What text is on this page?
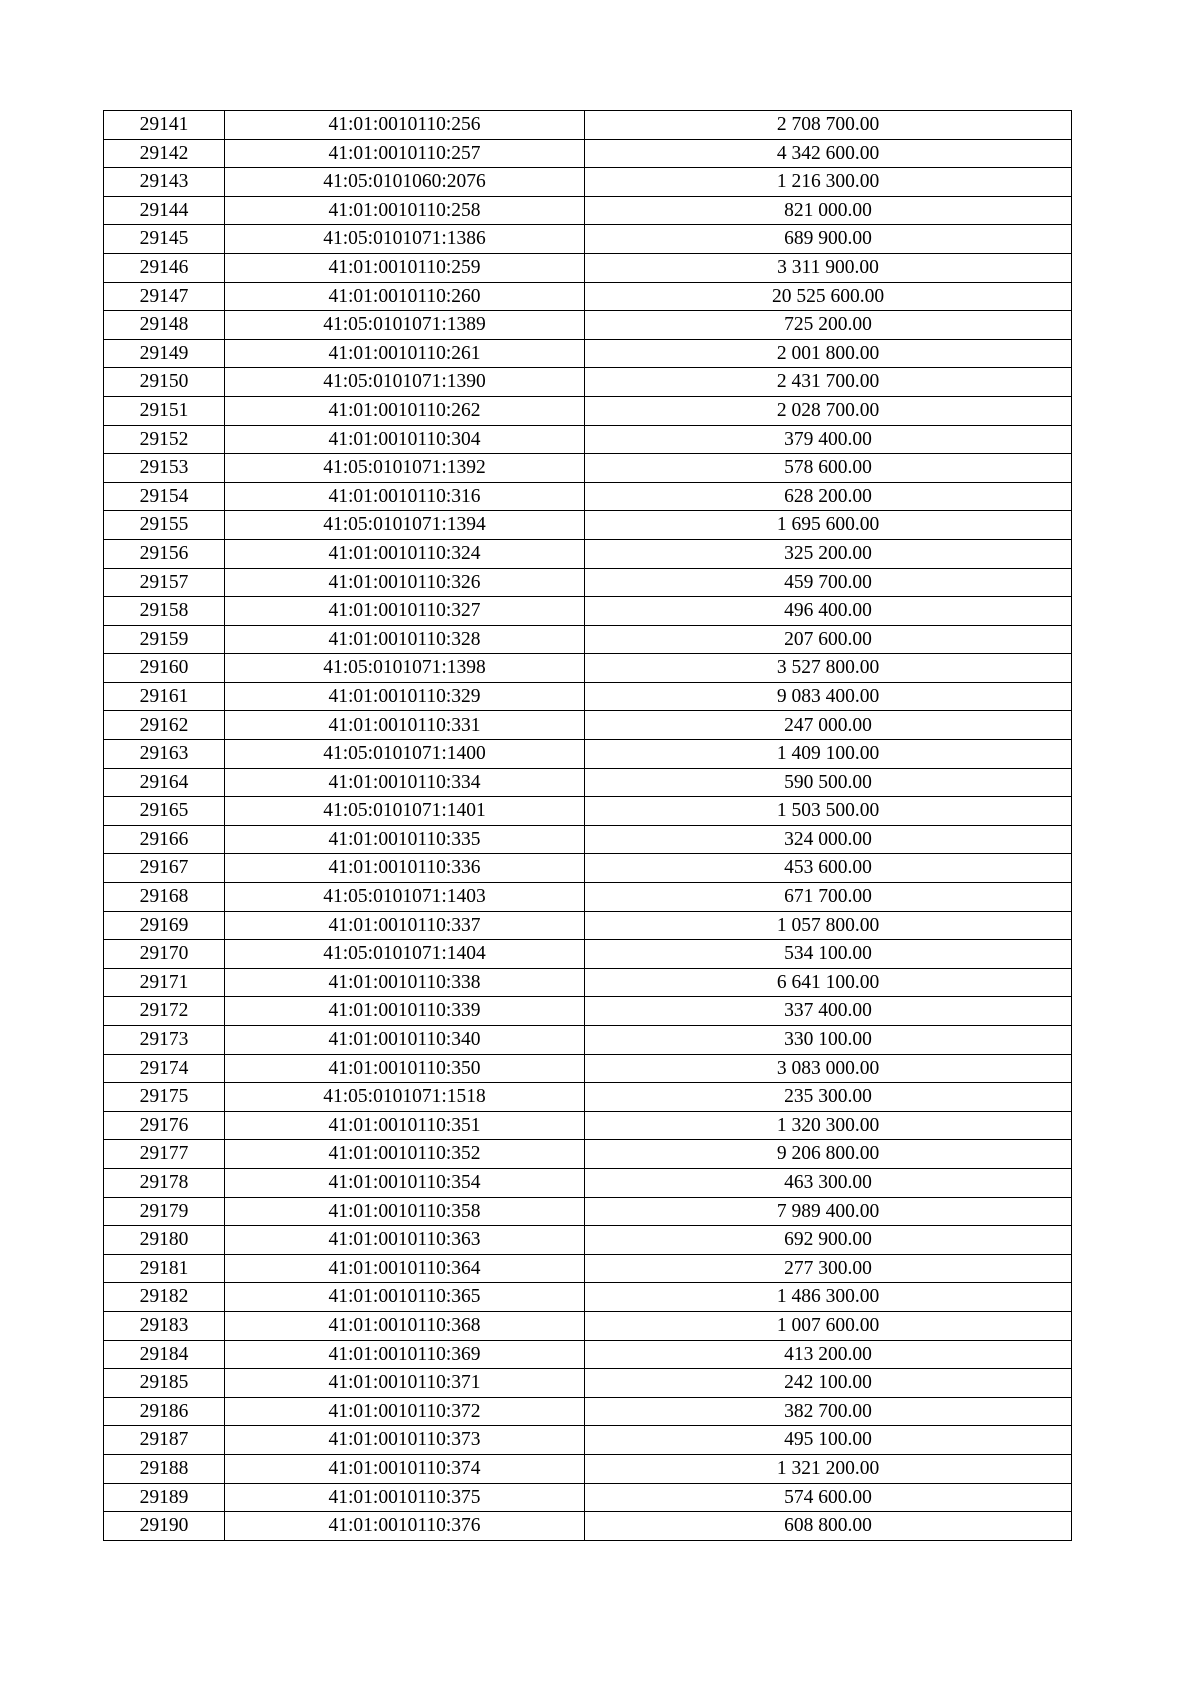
29141	41:01:0010110:256	2 708 700.00
29142	41:01:0010110:257	4 342 600.00
29143	41:05:0101060:2076	1 216 300.00
29144	41:01:0010110:258	821 000.00
29145	41:05:0101071:1386	689 900.00
29146	41:01:0010110:259	3 311 900.00
29147	41:01:0010110:260	20 525 600.00
29148	41:05:0101071:1389	725 200.00
29149	41:01:0010110:261	2 001 800.00
29150	41:05:0101071:1390	2 431 700.00
29151	41:01:0010110:262	2 028 700.00
29152	41:01:0010110:304	379 400.00
29153	41:05:0101071:1392	578 600.00
29154	41:01:0010110:316	628 200.00
29155	41:05:0101071:1394	1 695 600.00
29156	41:01:0010110:324	325 200.00
29157	41:01:0010110:326	459 700.00
29158	41:01:0010110:327	496 400.00
29159	41:01:0010110:328	207 600.00
29160	41:05:0101071:1398	3 527 800.00
29161	41:01:0010110:329	9 083 400.00
29162	41:01:0010110:331	247 000.00
29163	41:05:0101071:1400	1 409 100.00
29164	41:01:0010110:334	590 500.00
29165	41:05:0101071:1401	1 503 500.00
29166	41:01:0010110:335	324 000.00
29167	41:01:0010110:336	453 600.00
29168	41:05:0101071:1403	671 700.00
29169	41:01:0010110:337	1 057 800.00
29170	41:05:0101071:1404	534 100.00
29171	41:01:0010110:338	6 641 100.00
29172	41:01:0010110:339	337 400.00
29173	41:01:0010110:340	330 100.00
29174	41:01:0010110:350	3 083 000.00
29175	41:05:0101071:1518	235 300.00
29176	41:01:0010110:351	1 320 300.00
29177	41:01:0010110:352	9 206 800.00
29178	41:01:0010110:354	463 300.00
29179	41:01:0010110:358	7 989 400.00
29180	41:01:0010110:363	692 900.00
29181	41:01:0010110:364	277 300.00
29182	41:01:0010110:365	1 486 300.00
29183	41:01:0010110:368	1 007 600.00
29184	41:01:0010110:369	413 200.00
29185	41:01:0010110:371	242 100.00
29186	41:01:0010110:372	382 700.00
29187	41:01:0010110:373	495 100.00
29188	41:01:0010110:374	1 321 200.00
29189	41:01:0010110:375	574 600.00
29190	41:01:0010110:376	608 800.00
